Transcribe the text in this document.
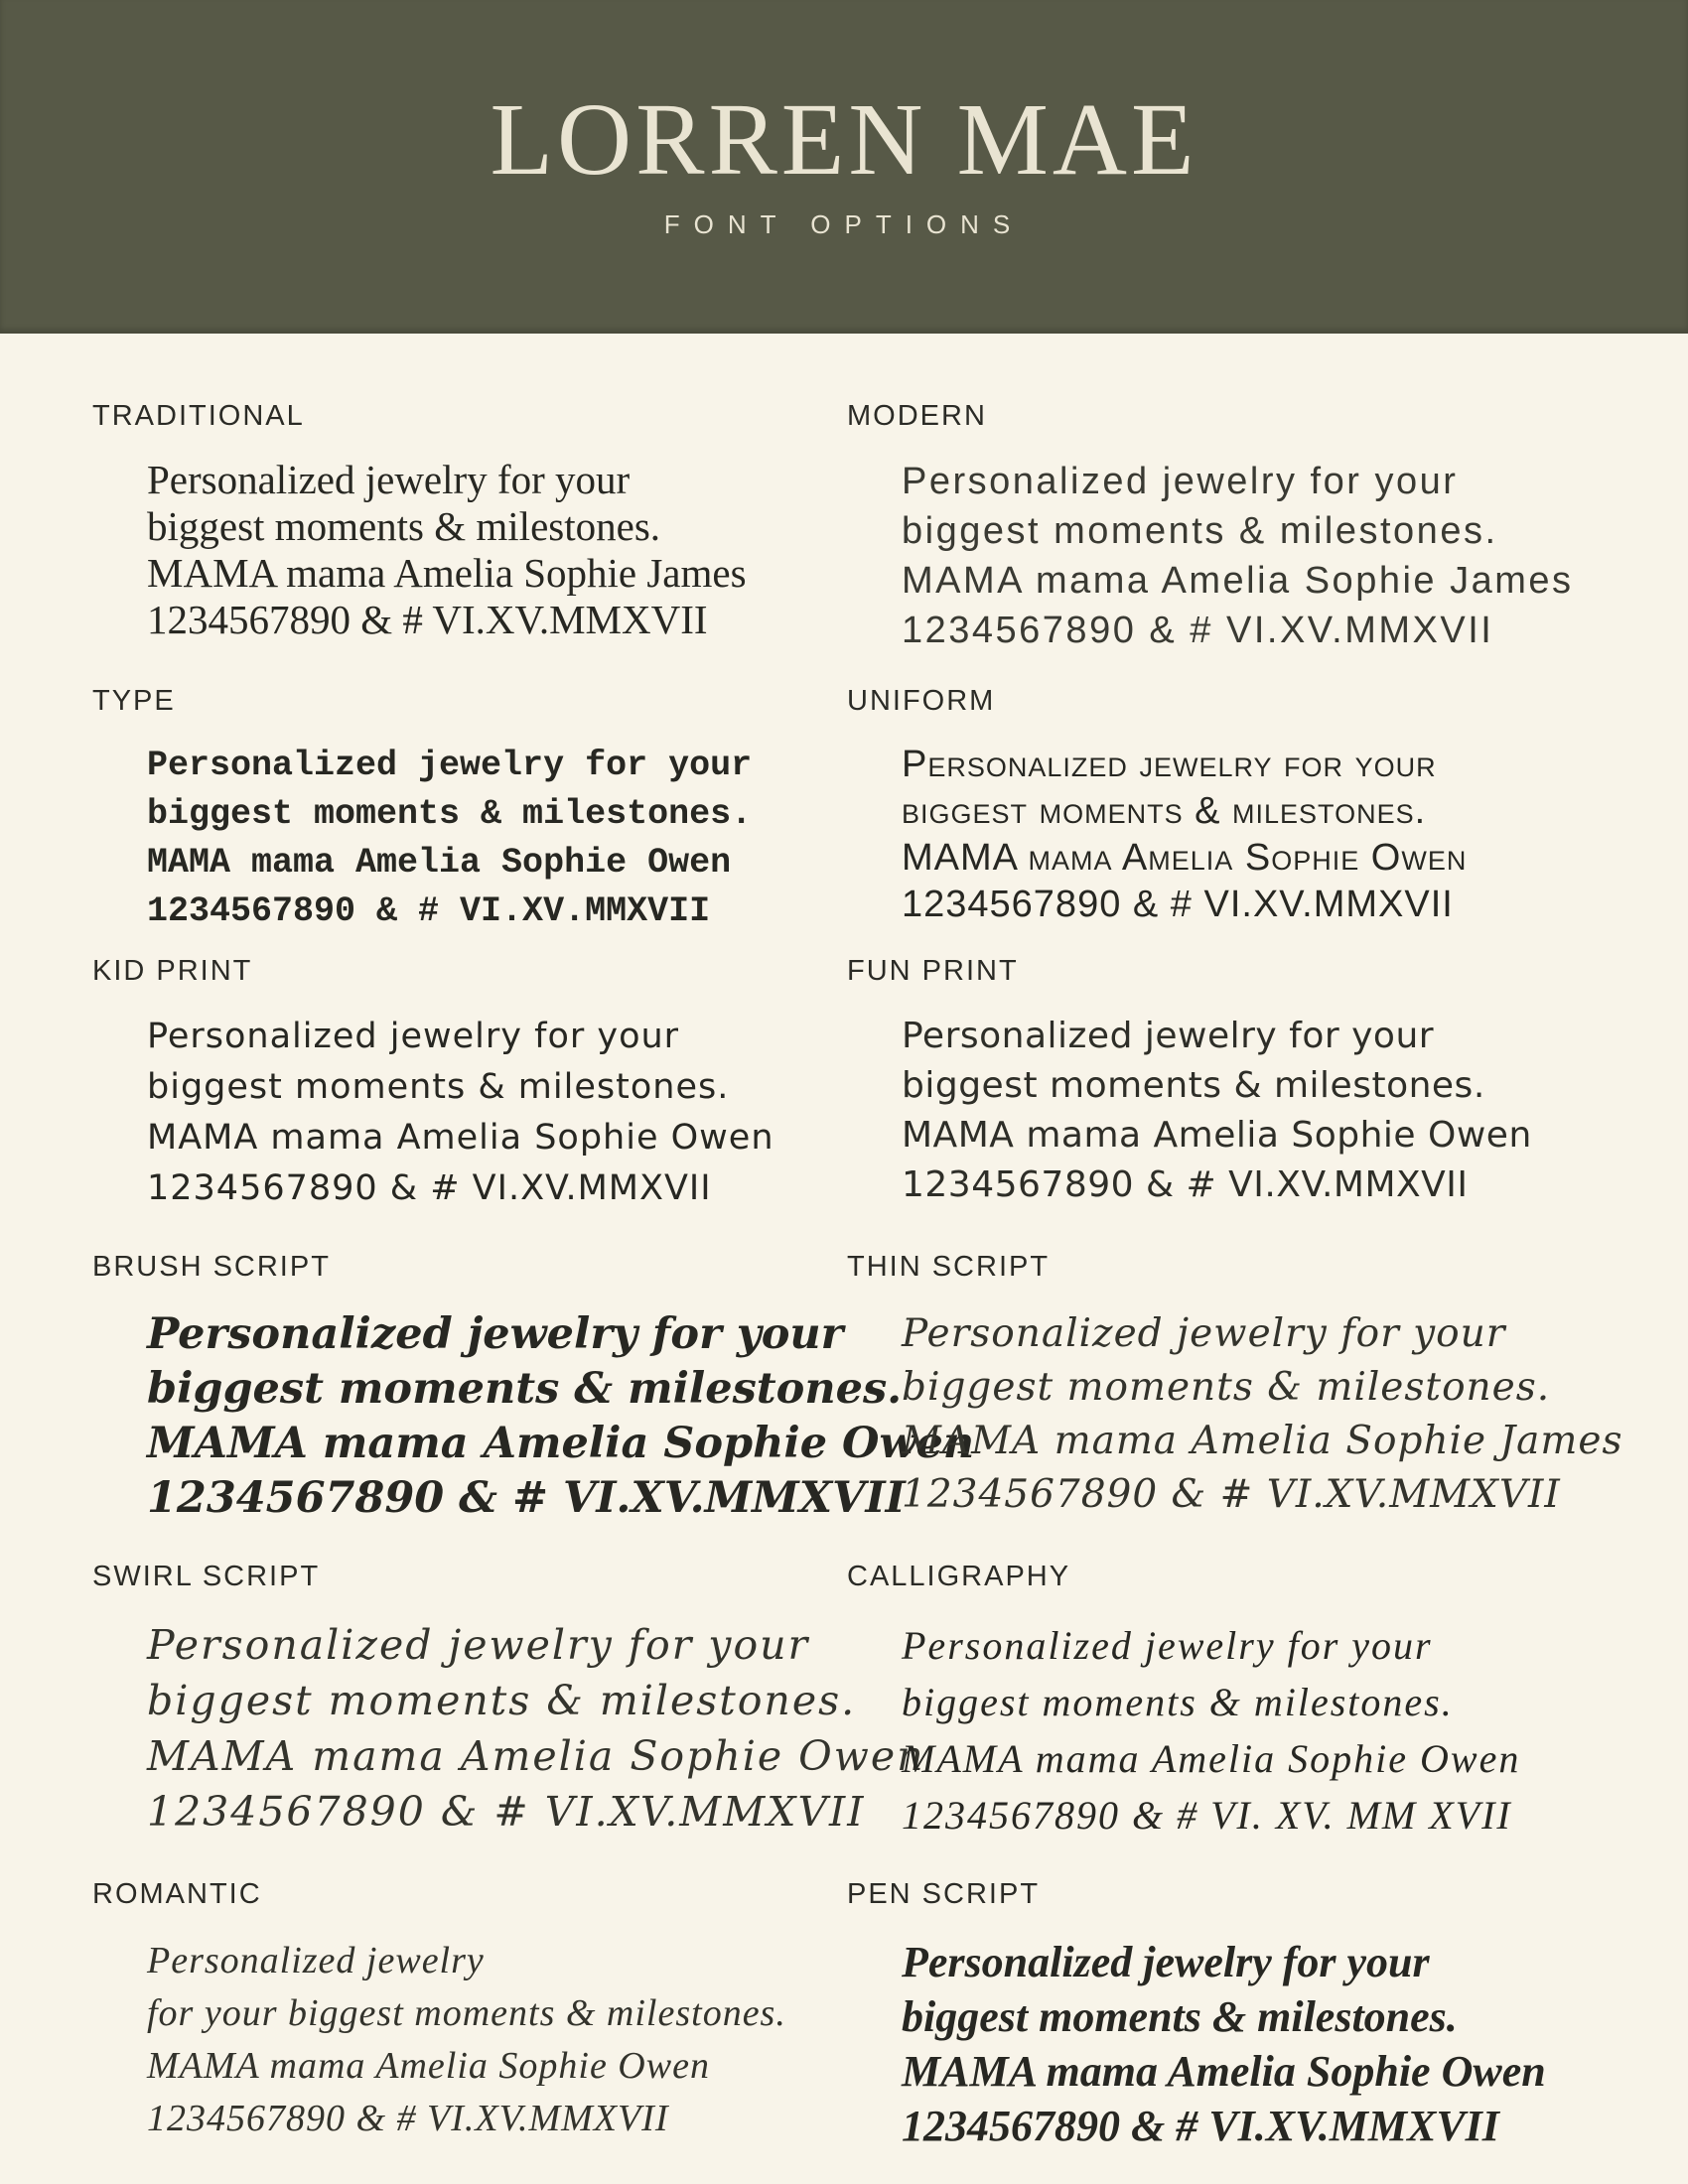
LORREN MAE
FONT OPTIONS
TRADITIONAL
Personalized jewelry for your
biggest moments & milestones.
MAMA mama Amelia Sophie James
1234567890 & # VI.XV.MMXVII
MODERN
Personalized jewelry for your
biggest moments & milestones.
MAMA mama Amelia Sophie James
1234567890 & # VI.XV.MMXVII
TYPE
Personalized jewelry for your
biggest moments & milestones.
MAMA mama Amelia Sophie Owen
1234567890 & # VI.XV.MMXVII
UNIFORM
Personalized jewelry for your
biggest moments & milestones.
MAMA mama Amelia Sophie Owen
1234567890 & # VI.XV.MMXVII
KID PRINT
Personalized jewelry for your
biggest moments & milestones.
MAMA mama Amelia Sophie Owen
1234567890 & # VI.XV.MMXVII
FUN PRINT
Personalized jewelry for your
biggest moments & milestones.
MAMA mama Amelia Sophie Owen
1234567890 & # VI.XV.MMXVII
BRUSH SCRIPT
Personalized jewelry for your
biggest moments & milestones.
MAMA mama Amelia Sophie Owen
1234567890 & # VI.XV.MMXVII
THIN SCRIPT
Personalized jewelry for your
biggest moments & milestones.
MAMA mama Amelia Sophie James
1234567890 & # VI.XV.MMXVII
SWIRL SCRIPT
Personalized jewelry for your
biggest moments & milestones.
MAMA mama Amelia Sophie Owen
1234567890 & # VI.XV.MMXVII
CALLIGRAPHY
Personalized jewelry for your
biggest moments & milestones.
MAMA mama Amelia Sophie Owen
1234567890 & # VI. XV. MM XVII
ROMANTIC
Personalized jewelry
for your biggest moments & milestones.
MAMA mama Amelia Sophie Owen
1234567890 & # VI.XV.MMXVII
PEN SCRIPT
Personalized jewelry for your
biggest moments & milestones.
MAMA mama Amelia Sophie Owen
1234567890 & # VI.XV.MMXVII
